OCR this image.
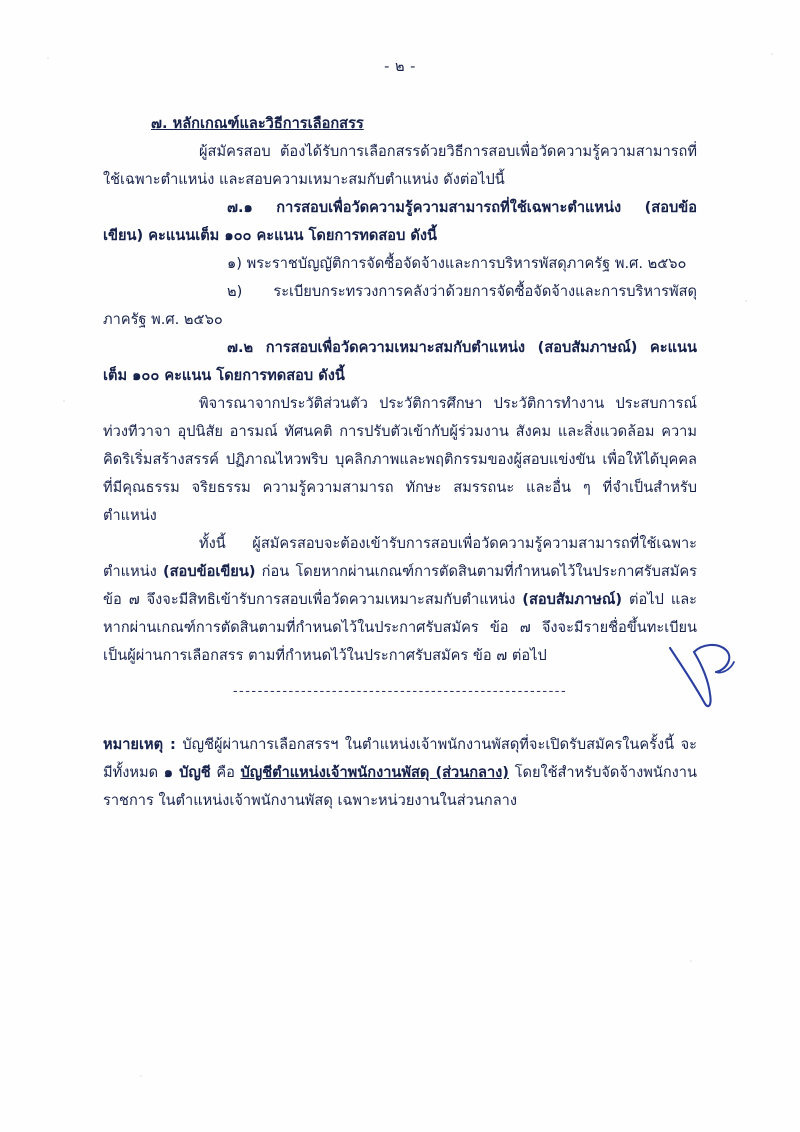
- ๒ -

๗. หลักเกณฑ์และวิธีการเลือกสรร

ผู้สมัครสอบ ต้องได้รับการเลือกสรรด้วยวิธีการสอบเพื่อวัดความรู้ความสามารถที่ใช้เฉพาะตำแหน่ง และสอบความเหมาะสมกับตำแหน่ง ดังต่อไปนี้

๗.๑ การสอบเพื่อวัดความรู้ความสามารถที่ใช้เฉพาะตำแหน่ง (สอบข้อเขียน) คะแนนเต็ม ๑๐๐ คะแนน โดยการทดสอบ ดังนี้

๑) พระราชบัญญัติการจัดซื้อจัดจ้างและการบริหารพัสดุภาครัฐ พ.ศ. ๒๕๖๐

๒) ระเบียบกระทรวงการคลังว่าด้วยการจัดซื้อจัดจ้างและการบริหารพัสดุภาครัฐ พ.ศ. ๒๕๖๐

๗.๒ การสอบเพื่อวัดความเหมาะสมกับตำแหน่ง (สอบสัมภาษณ์) คะแนนเต็ม ๑๐๐ คะแนน โดยการทดสอบ ดังนี้

พิจารณาจากประวัติส่วนตัว ประวัติการศึกษา ประวัติการทำงาน ประสบการณ์ ท่วงทีวาจา อุปนิสัย อารมณ์ ทัศนคติ การปรับตัวเข้ากับผู้ร่วมงาน สังคม และสิ่งแวดล้อม ความคิดริเริ่มสร้างสรรค์ ปฏิภาณไหวพริบ บุคลิกภาพและพฤติกรรมของผู้สอบแข่งขัน เพื่อให้ได้บุคคลที่มีคุณธรรม จริยธรรม ความรู้ความสามารถ ทักษะ สมรรถนะ และอื่น ๆ ที่จำเป็นสำหรับตำแหน่ง

ทั้งนี้ ผู้สมัครสอบจะต้องเข้ารับการสอบเพื่อวัดความรู้ความสามารถที่ใช้เฉพาะตำแหน่ง (สอบข้อเขียน) ก่อน โดยหากผ่านเกณฑ์การตัดสินตามที่กำหนดไว้ในประกาศรับสมัคร ข้อ ๗ จึงจะมีสิทธิเข้ารับการสอบเพื่อวัดความเหมาะสมกับตำแหน่ง (สอบสัมภาษณ์) ต่อไป และหากผ่านเกณฑ์การตัดสินตามที่กำหนดไว้ในประกาศรับสมัคร ข้อ ๗ จึงจะมีรายชื่อขึ้นทะเบียนเป็นผู้ผ่านการเลือกสรร ตามที่กำหนดไว้ในประกาศรับสมัคร ข้อ ๗ ต่อไป

------------------------------------------------------

หมายเหตุ : บัญชีผู้ผ่านการเลือกสรรฯ ในตำแหน่งเจ้าพนักงานพัสดุที่จะเปิดรับสมัครในครั้งนี้ จะมีทั้งหมด ๑ บัญชี คือ บัญชีตำแหน่งเจ้าพนักงานพัสดุ (ส่วนกลาง) โดยใช้สำหรับจัดจ้างพนักงานราชการ ในตำแหน่งเจ้าพนักงานพัสดุ เฉพาะหน่วยงานในส่วนกลาง
